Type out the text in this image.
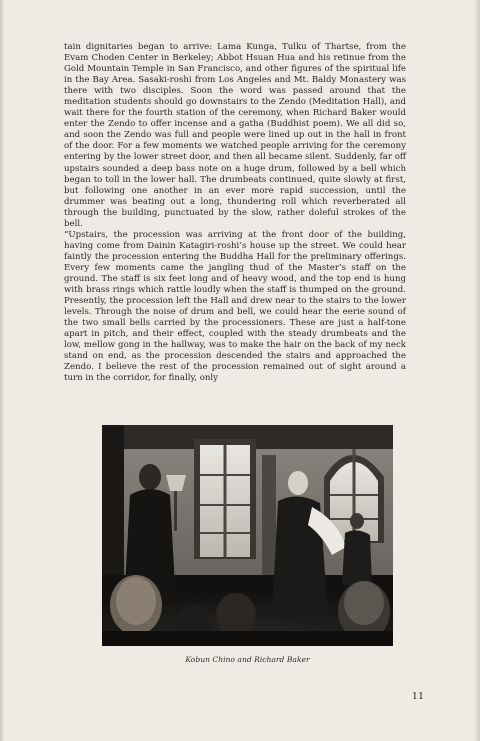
tain dignitaries began to arrive: Lama Kunga, Tulku of Thartse, from the Evam Choden Center in Berkeley; Abbot Hsuan Hua and his retinue from the Gold Mountain Temple in San Francisco, and other figures of the spiritual life in the Bay Area. Sasaki-roshi from Los Angeles and Mt. Baldy Monastery was there with two disciples. Soon the word was passed around that the meditation students should go downstairs to the Zendo (Meditation Hall), and wait there for the fourth station of the ceremony, when Richard Baker would enter the Zendo to offer incense and a gatha (Buddhist poem). We all did so, and soon the Zendo was full and people were lined up out in the hall in front of the door. For a few moments we watched people arriving for the ceremony entering by the lower street door, and then all became silent. Suddenly, far off upstairs sounded a deep bass note on a huge drum, followed by a bell which began to toll in the lower hall. The drumbeats continued, quite slowly at first, but following one another in an ever more rapid succession, until the drummer was beating out a long, thundering roll which reverberated all through the building, punctuated by the slow, rather doleful strokes of the bell.

“Upstairs, the procession was arriving at the front door of the building, having come from Dainin Katagiri-roshi’s house up the street. We could hear faintly the procession entering the Buddha Hall for the preliminary offerings. Every few moments came the jangling thud of the Master’s staff on the ground. The staff is six feet long and of heavy wood, and the top end is hung with brass rings which rattle loudly when the staff is thumped on the ground. Presently, the procession left the Hall and drew near to the stairs to the lower levels. Through the noise of drum and bell, we could hear the eerie sound of the two small bells carried by the processioners. These are just a half-tone apart in pitch, and their effect, coupled with the steady drumbeats and the low, mellow gong in the hallway, was to make the hair on the back of my neck stand on end, as the procession descended the stairs and approached the Zendo. I believe the rest of the procession remained out of sight around a turn in the corridor, for finally, only

Kobun Chino and Richard Baker
11
